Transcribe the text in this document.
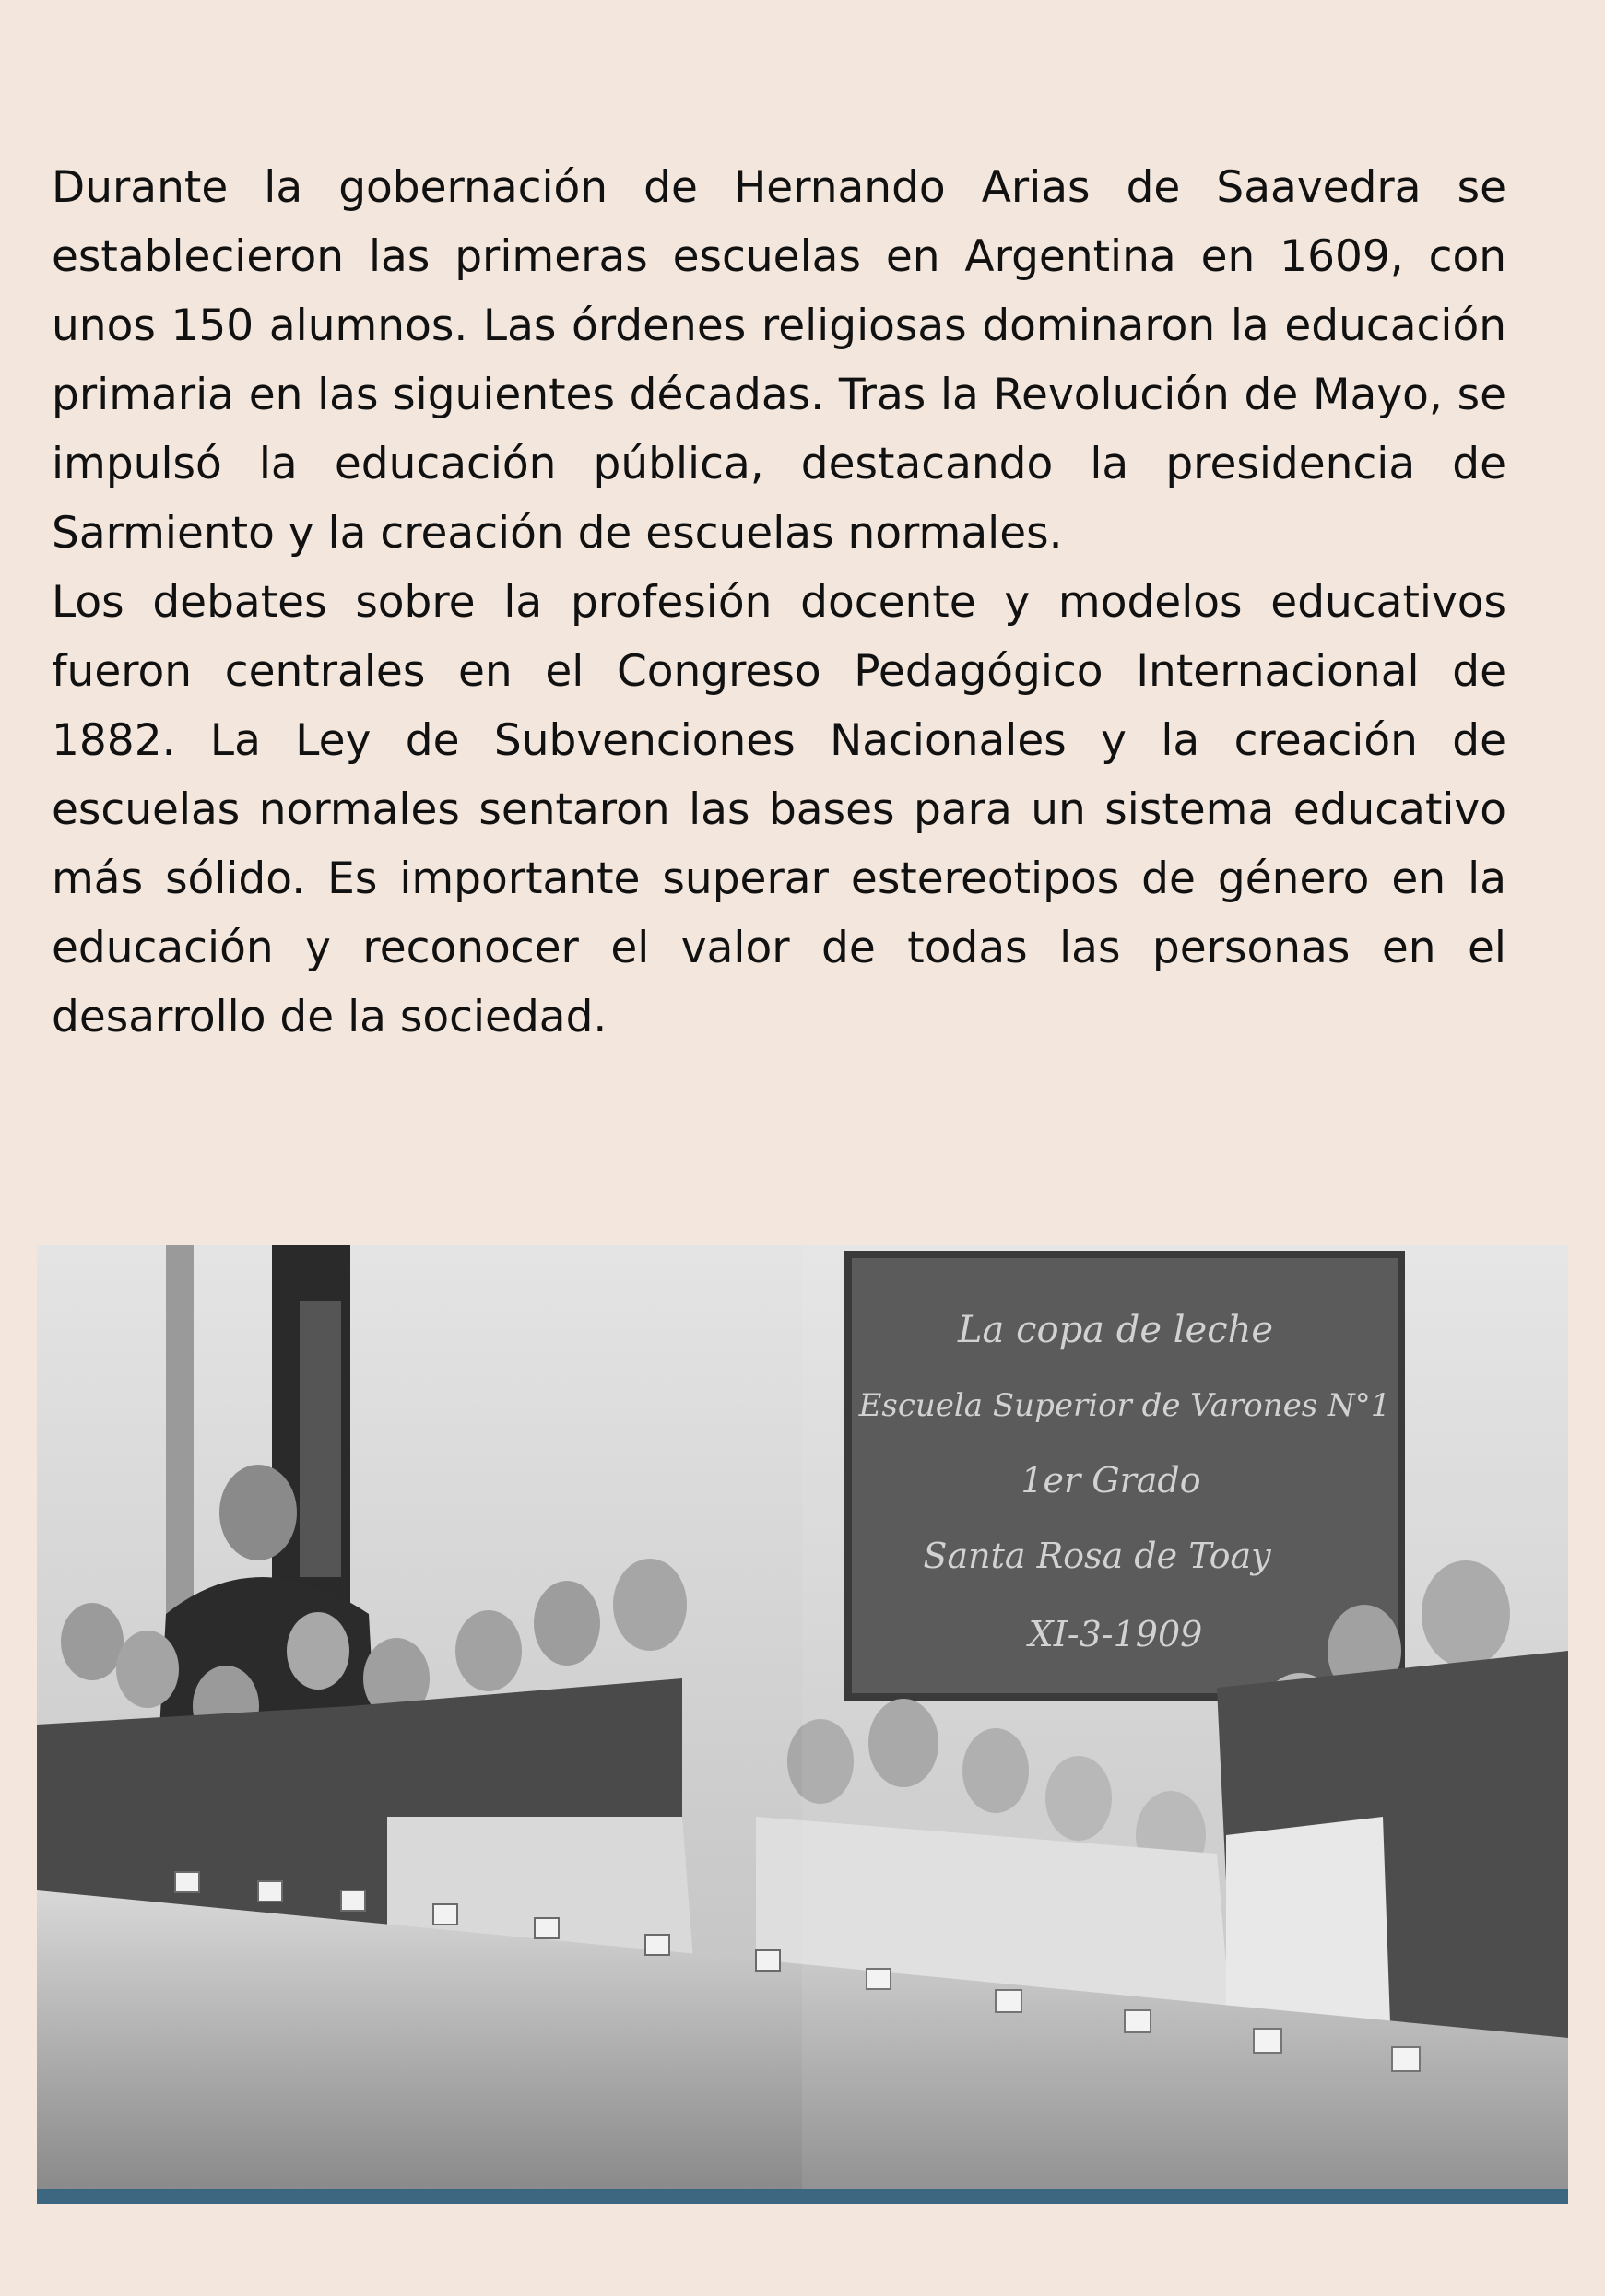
Durante la gobernación de Hernando Arias de Saavedra se establecieron las primeras escuelas en Argentina en 1609, con unos 150 alumnos. Las órdenes religiosas dominaron la educación primaria en las siguientes décadas. Tras la Revolución de Mayo, se impulsó la educación pública, destacando la presidencia de Sarmiento y la creación de escuelas normales.

Los debates sobre la profesión docente y modelos educativos fueron centrales en el Congreso Pedagógico Internacional de 1882. La Ley de Subvenciones Nacionales y la creación de escuelas normales sentaron las bases para un sistema educativo más sólido. Es importante superar estereotipos de género en la educación y reconocer el valor de todas las personas en el desarrollo de la sociedad.

La copa de leche
Escuela Superior de Varones N°1
1er Grado
Santa Rosa de Toay
XI-3-1909
